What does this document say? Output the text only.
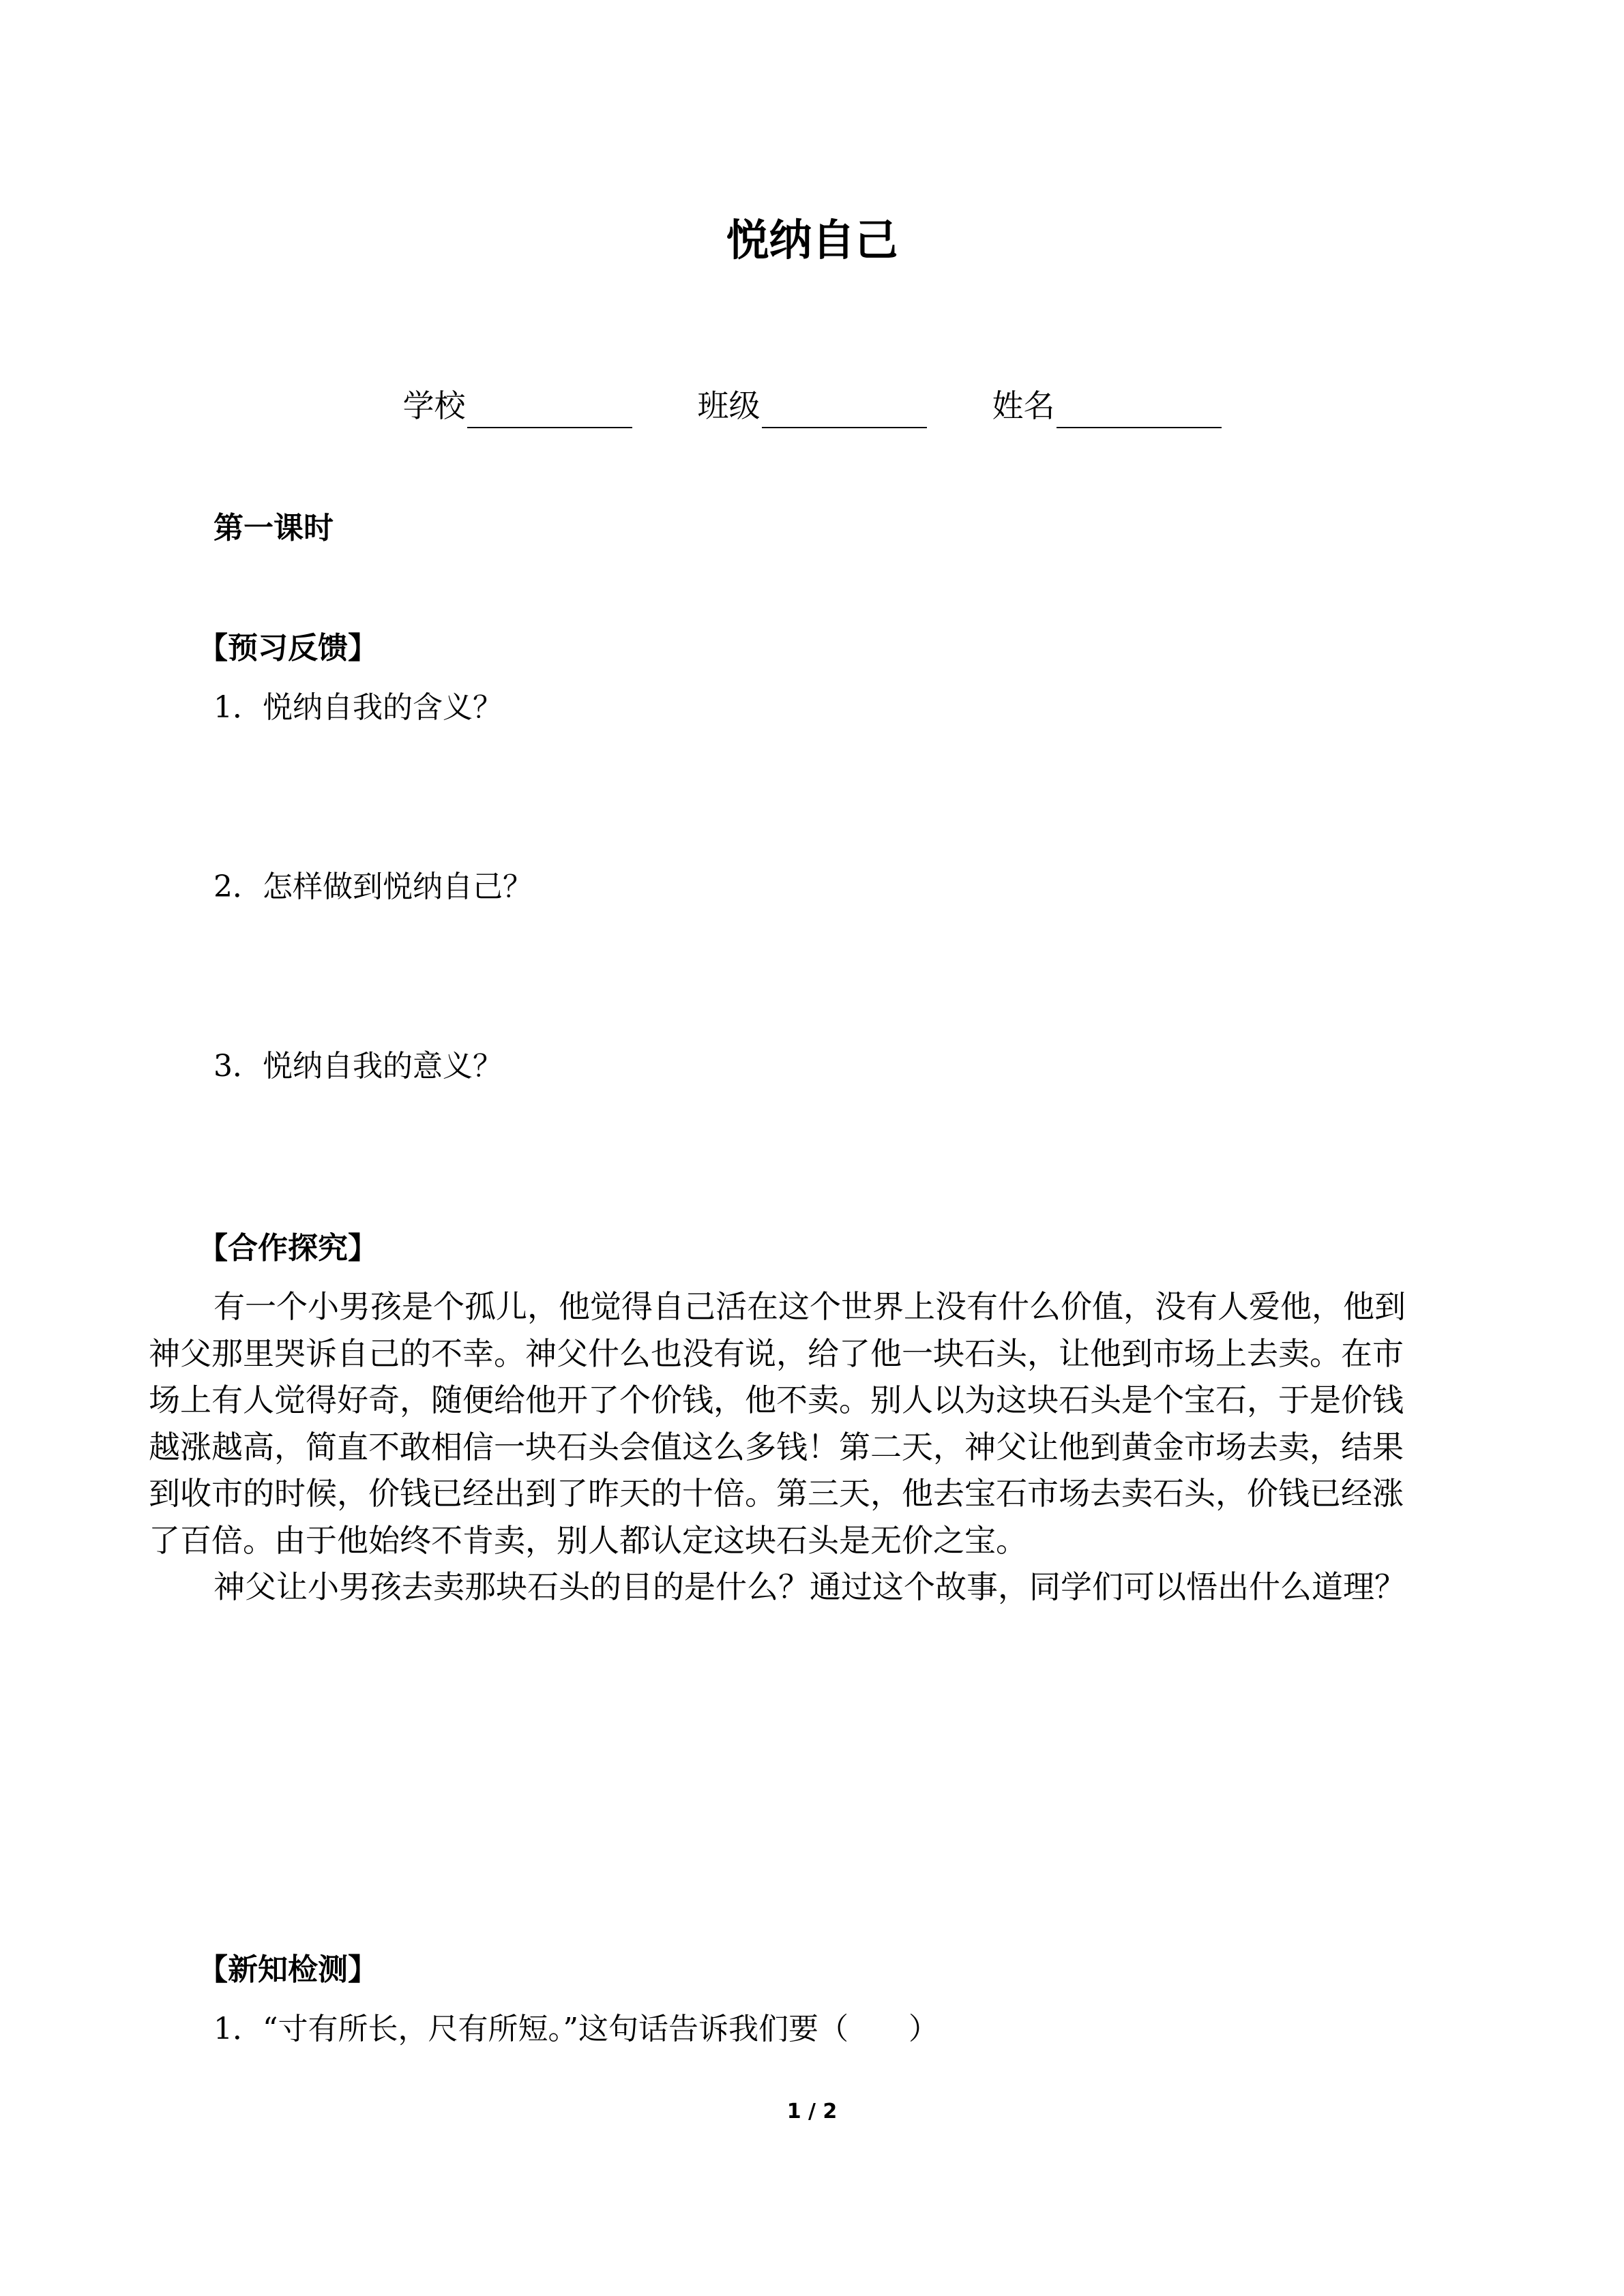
悦纳自己
学校	班级	姓名
第一课时
【预习反馈】
1．悦纳自我的含义？
2．怎样做到悦纳自己？
3．悦纳自我的意义？
【合作探究】
有一个小男孩是个孤儿，他觉得自己活在这个世界上没有什么价值，没有人爱他，他到
神父那里哭诉自己的不幸。神父什么也没有说，给了他一块石头，让他到市场上去卖。在市
场上有人觉得好奇，随便给他开了个价钱，他不卖。别人以为这块石头是个宝石，于是价钱
越涨越高，简直不敢相信一块石头会值这么多钱！第二天，神父让他到黄金市场去卖，结果
到收市的时候，价钱已经出到了昨天的十倍。第三天，他去宝石市场去卖石头，价钱已经涨
了百倍。由于他始终不肯卖，别人都认定这块石头是无价之宝。
神父让小男孩去卖那块石头的目的是什么？通过这个故事，同学们可以悟出什么道理？
【新知检测】
1．“寸有所长，尺有所短。”这句话告诉我们要（　　）
1 / 2
